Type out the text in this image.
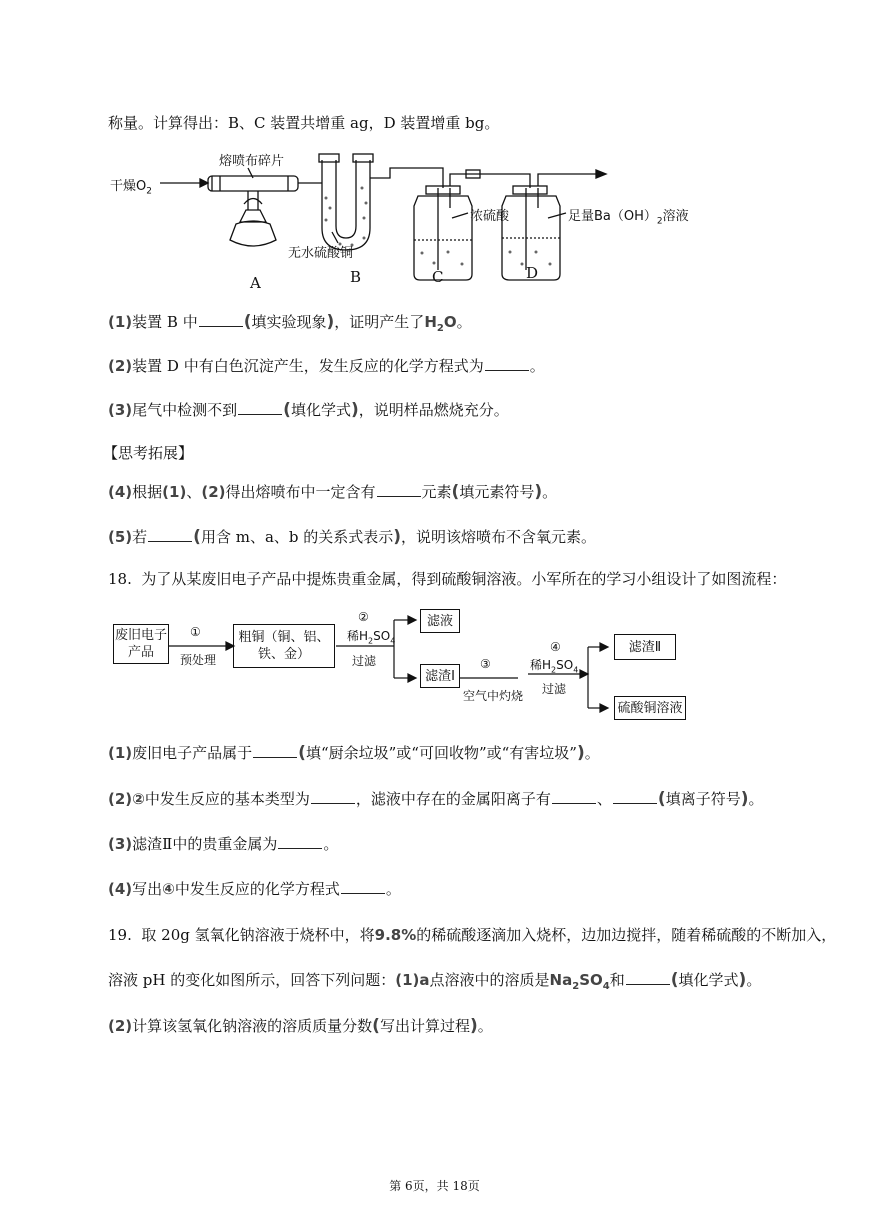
称量。计算得出：B、C 装置共增重 ag，D 装置增重 bg。
干燥$O_2$
熔喷布碎片
无水硫酸铜
浓硫酸	足量$Ba(OH)_2$溶液
A	B	C	D
(1)装置 B 中	(填实验现象)，证明产生了$H_2O$。
(2)装置 D 中有白色沉淀产生，发生反应的化学方程式为	。
(3)尾气中检测不到	(填化学式)，说明样品燃烧充分。
【思考拓展】
(4)根据(1)、(2)得出熔喷布中一定含有	元素(填元素符号)。
(5)若	(用含 m、a、b 的关系式表示)，说明该熔喷布不含氧元素。
18. 为了从某废旧电子产品中提炼贵重金属，得到硫酸铜溶液。小军所在的学习小组设计了如图流程：
废旧电子产品
粗铜（铜、铝、铁、金）
滤液
滤渣Ⅰ
滤渣Ⅱ
硫酸铜溶液
①
预处理
②
稀$H_2SO_4$
过滤	③
空气中灼烧
④
稀$H_2SO_4$
过滤
(1)废旧电子产品属于	(填“厨余垃圾”或“可回收物”或“有害垃圾”)。
(2)②中发生反应的基本类型为	，滤液中存在的金属阳离子有	、	(填离子符号)。
(3)滤渣Ⅱ中的贵重金属为	。
(4)写出④中发生反应的化学方程式	。
19. 取 20g 氢氧化钠溶液于烧杯中，将9.8%的稀硫酸逐滴加入烧杯，边加边搅拌，随着稀硫酸的不断加入，
溶液 pH 的变化如图所示，回答下列问题：(1)a点溶液中的溶质是$Na_2SO_4$和	(填化学式)。
(2)计算该氢氧化钠溶液的溶质质量分数(写出计算过程)。
第 6页，共 18页
